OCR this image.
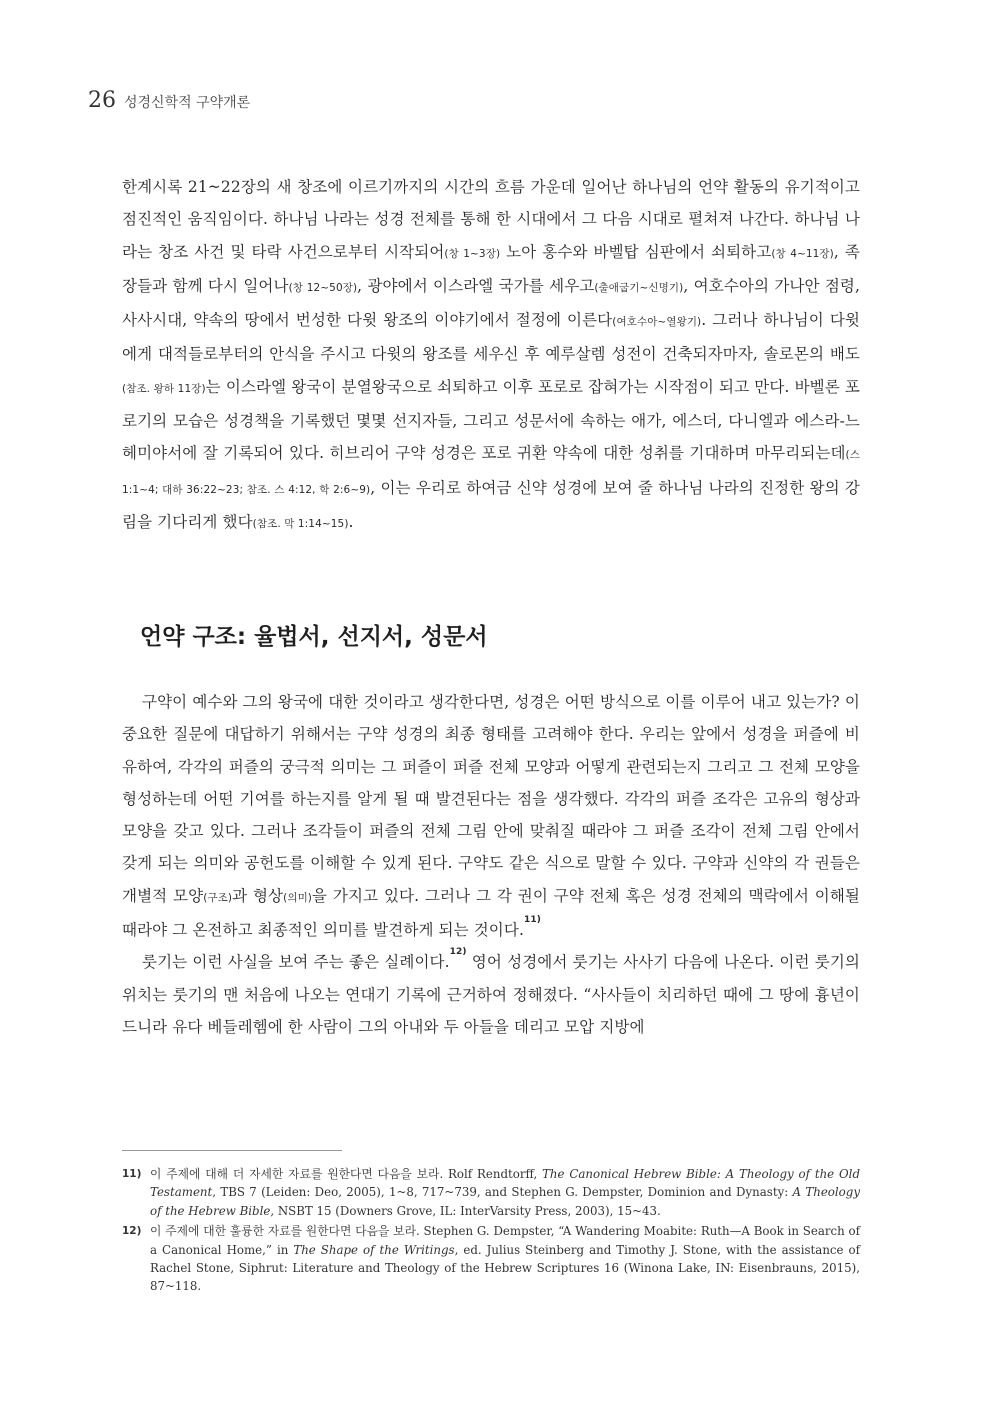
26 성경신학적 구약개론

한계시록 21~22장의 새 창조에 이르기까지의 시간의 흐름 가운데 일어난 하나님의 언약 활동의 유기적이고 점진적인 움직임이다. 하나님 나라는 성경 전체를 통해 한 시대에서 그 다음 시대로 펼쳐져 나간다. 하나님 나라는 창조 사건 및 타락 사건으로부터 시작되어(창 1~3장) 노아 홍수와 바벨탑 심판에서 쇠퇴하고(창 4~11장), 족장들과 함께 다시 일어나(창 12~50장), 광야에서 이스라엘 국가를 세우고(출애굽기~신명기), 여호수아의 가나안 점령, 사사시대, 약속의 땅에서 번성한 다윗 왕조의 이야기에서 절정에 이른다(여호수아~열왕기). 그러나 하나님이 다윗에게 대적들로부터의 안식을 주시고 다윗의 왕조를 세우신 후 예루살렘 성전이 건축되자마자, 솔로몬의 배도(참조. 왕하 11장)는 이스라엘 왕국이 분열왕국으로 쇠퇴하고 이후 포로로 잡혀가는 시작점이 되고 만다. 바벨론 포로기의 모습은 성경책을 기록했던 몇몇 선지자들, 그리고 성문서에 속하는 애가, 에스더, 다니엘과 에스라-느헤미야서에 잘 기록되어 있다. 히브리어 구약 성경은 포로 귀환 약속에 대한 성취를 기대하며 마무리되는데(스 1:1~4; 대하 36:22~23; 참조. 스 4:12, 학 2:6~9), 이는 우리로 하여금 신약 성경에 보여 줄 하나님 나라의 진정한 왕의 강림을 기다리게 했다(참조. 막 1:14~15).

언약 구조: 율법서, 선지서, 성문서

구약이 예수와 그의 왕국에 대한 것이라고 생각한다면, 성경은 어떤 방식으로 이를 이루어 내고 있는가? 이 중요한 질문에 대답하기 위해서는 구약 성경의 최종 형태를 고려해야 한다. 우리는 앞에서 성경을 퍼즐에 비유하여, 각각의 퍼즐의 궁극적 의미는 그 퍼즐이 퍼즐 전체 모양과 어떻게 관련되는지 그리고 그 전체 모양을 형성하는데 어떤 기여를 하는지를 알게 될 때 발견된다는 점을 생각했다. 각각의 퍼즐 조각은 고유의 형상과 모양을 갖고 있다. 그러나 조각들이 퍼즐의 전체 그림 안에 맞춰질 때라야 그 퍼즐 조각이 전체 그림 안에서 갖게 되는 의미와 공헌도를 이해할 수 있게 된다. 구약도 같은 식으로 말할 수 있다. 구약과 신약의 각 권들은 개별적 모양(구조)과 형상(의미)을 가지고 있다. 그러나 그 각 권이 구약 전체 혹은 성경 전체의 맥락에서 이해될 때라야 그 온전하고 최종적인 의미를 발견하게 되는 것이다.$^{11)}$

룻기는 이런 사실을 보여 주는 좋은 실례이다.$^{12)}$ 영어 성경에서 룻기는 사사기 다음에 나온다. 이런 룻기의 위치는 룻기의 맨 처음에 나오는 연대기 기록에 근거하여 정해졌다. “사사들이 치리하던 때에 그 땅에 흉년이 드니라 유다 베들레헴에 한 사람이 그의 아내와 두 아들을 데리고 모압 지방에

11) 이 주제에 대해 더 자세한 자료를 원한다면 다음을 보라. Rolf Rendtorff, The Canonical Hebrew Bible: A Theology of the Old Testament, TBS 7 (Leiden: Deo, 2005), 1~8, 717~739, and Stephen G. Dempster, Dominion and Dynasty: A Theology of the Hebrew Bible, NSBT 15 (Downers Grove, IL: InterVarsity Press, 2003), 15~43.
12) 이 주제에 대한 훌륭한 자료를 원한다면 다음을 보라. Stephen G. Dempster, “A Wandering Moabite: Ruth—A Book in Search of a Canonical Home,” in The Shape of the Writings, ed. Julius Steinberg and Timothy J. Stone, with the assistance of Rachel Stone, Siphrut: Literature and Theology of the Hebrew Scriptures 16 (Winona Lake, IN: Eisenbrauns, 2015), 87~118.
